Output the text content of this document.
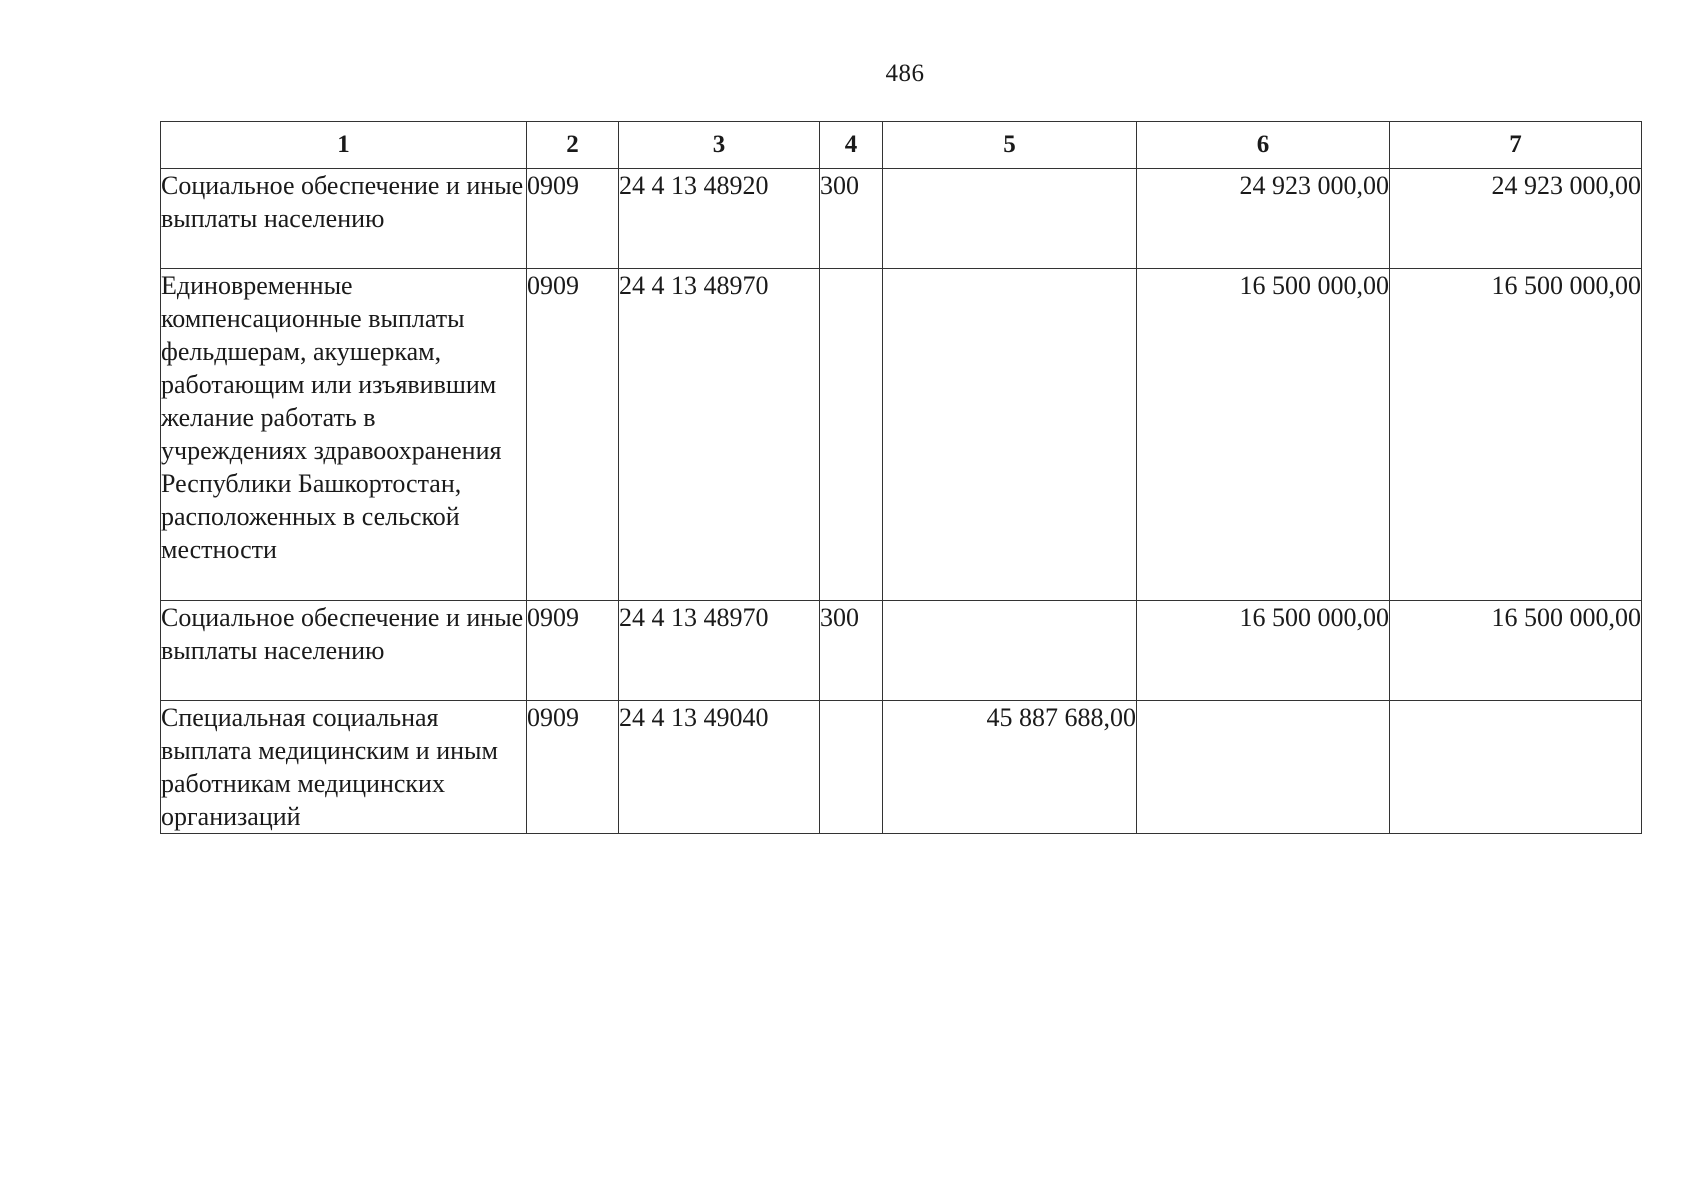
486
1	2	3	4	5	6	7
Социальное обеспечение и иные выплаты населению	0909	24 4 13 48920	300		24 923 000,00	24 923 000,00
Единовременные компенсационные выплаты фельдшерам, акушеркам, работающим или изъявившим желание работать в учреждениях здравоохранения Республики Башкортостан, расположенных в сельской местности	0909	24 4 13 48970			16 500 000,00	16 500 000,00
Социальное обеспечение и иные выплаты населению	0909	24 4 13 48970	300		16 500 000,00	16 500 000,00
Специальная социальная выплата медицинским и иным работникам медицинских организаций	0909	24 4 13 49040		45 887 688,00		
